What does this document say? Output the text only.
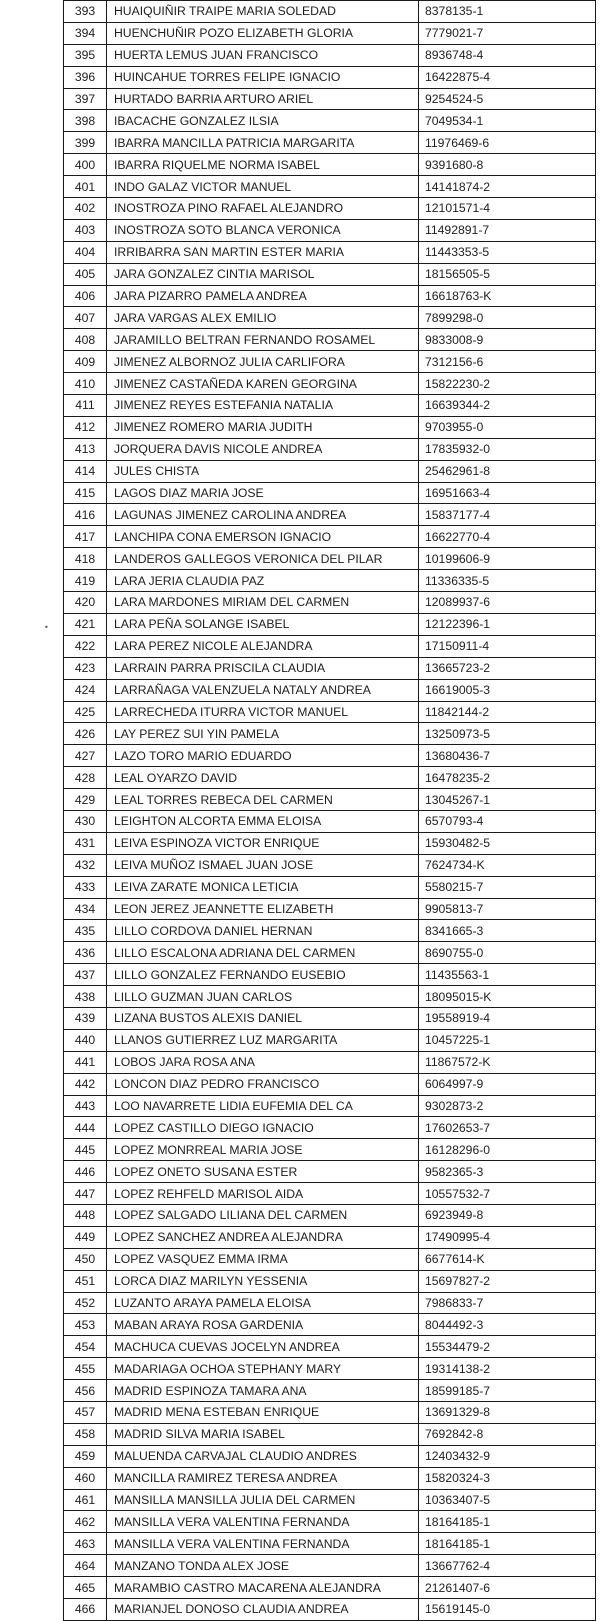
393	HUAIQUIÑIR TRAIPE MARIA SOLEDAD	8378135-1
394	HUENCHUÑIR POZO ELIZABETH GLORIA	7779021-7
395	HUERTA LEMUS JUAN FRANCISCO	8936748-4
396	HUINCAHUE TORRES FELIPE IGNACIO	16422875-4
397	HURTADO BARRIA ARTURO ARIEL	9254524-5
398	IBACACHE GONZALEZ ILSIA	7049534-1
399	IBARRA MANCILLA PATRICIA MARGARITA	11976469-6
400	IBARRA RIQUELME NORMA ISABEL	9391680-8
401	INDO GALAZ VICTOR MANUEL	14141874-2
402	INOSTROZA PINO RAFAEL ALEJANDRO	12101571-4
403	INOSTROZA SOTO BLANCA VERONICA	11492891-7
404	IRRIBARRA SAN MARTIN ESTER MARIA	11443353-5
405	JARA GONZALEZ CINTIA MARISOL	18156505-5
406	JARA PIZARRO PAMELA ANDREA	16618763-K
407	JARA VARGAS ALEX EMILIO	7899298-0
408	JARAMILLO BELTRAN FERNANDO ROSAMEL	9833008-9
409	JIMENEZ ALBORNOZ JULIA CARLIFORA	7312156-6
410	JIMENEZ CASTAÑEDA KAREN GEORGINA	15822230-2
411	JIMENEZ REYES ESTEFANIA NATALIA	16639344-2
412	JIMENEZ ROMERO MARIA JUDITH	9703955-0
413	JORQUERA DAVIS NICOLE ANDREA	17835932-0
414	JULES CHISTA	25462961-8
415	LAGOS DIAZ MARIA JOSE	16951663-4
416	LAGUNAS JIMENEZ CAROLINA ANDREA	15837177-4
417	LANCHIPA CONA EMERSON IGNACIO	16622770-4
418	LANDEROS GALLEGOS VERONICA DEL PILAR	10199606-9
419	LARA JERIA CLAUDIA PAZ	11336335-5
420	LARA MARDONES MIRIAM DEL CARMEN	12089937-6
421	LARA PEÑA SOLANGE ISABEL	12122396-1
422	LARA PEREZ NICOLE ALEJANDRA	17150911-4
423	LARRAIN PARRA PRISCILA CLAUDIA	13665723-2
424	LARRAÑAGA VALENZUELA NATALY ANDREA	16619005-3
425	LARRECHEDA ITURRA VICTOR MANUEL	11842144-2
426	LAY PEREZ SUI YIN PAMELA	13250973-5
427	LAZO TORO MARIO EDUARDO	13680436-7
428	LEAL OYARZO DAVID	16478235-2
429	LEAL TORRES REBECA DEL CARMEN	13045267-1
430	LEIGHTON ALCORTA EMMA ELOISA	6570793-4
431	LEIVA ESPINOZA VICTOR ENRIQUE	15930482-5
432	LEIVA MUÑOZ ISMAEL JUAN JOSE	7624734-K
433	LEIVA ZARATE MONICA LETICIA	5580215-7
434	LEON JEREZ JEANNETTE ELIZABETH	9905813-7
435	LILLO CORDOVA DANIEL HERNAN	8341665-3
436	LILLO ESCALONA ADRIANA DEL CARMEN	8690755-0
437	LILLO GONZALEZ FERNANDO EUSEBIO	11435563-1
438	LILLO GUZMAN JUAN CARLOS	18095015-K
439	LIZANA BUSTOS ALEXIS DANIEL	19558919-4
440	LLANOS GUTIERREZ LUZ MARGARITA	10457225-1
441	LOBOS JARA ROSA ANA	11867572-K
442	LONCON DIAZ PEDRO FRANCISCO	6064997-9
443	LOO NAVARRETE LIDIA EUFEMIA DEL CA	9302873-2
444	LOPEZ CASTILLO DIEGO IGNACIO	17602653-7
445	LOPEZ MONRREAL MARIA JOSE	16128296-0
446	LOPEZ ONETO SUSANA ESTER	9582365-3
447	LOPEZ REHFELD MARISOL AIDA	10557532-7
448	LOPEZ SALGADO LILIANA DEL CARMEN	6923949-8
449	LOPEZ SANCHEZ ANDREA ALEJANDRA	17490995-4
450	LOPEZ VASQUEZ EMMA IRMA	6677614-K
451	LORCA DIAZ MARILYN YESSENIA	15697827-2
452	LUZANTO ARAYA PAMELA ELOISA	7986833-7
453	MABAN ARAYA ROSA GARDENIA	8044492-3
454	MACHUCA CUEVAS JOCELYN ANDREA	15534479-2
455	MADARIAGA OCHOA STEPHANY MARY	19314138-2
456	MADRID ESPINOZA TAMARA ANA	18599185-7
457	MADRID MENA ESTEBAN ENRIQUE	13691329-8
458	MADRID SILVA MARIA ISABEL	7692842-8
459	MALUENDA CARVAJAL CLAUDIO ANDRES	12403432-9
460	MANCILLA RAMIREZ TERESA ANDREA	15820324-3
461	MANSILLA MANSILLA JULIA DEL CARMEN	10363407-5
462	MANSILLA VERA VALENTINA FERNANDA	18164185-1
463	MANSILLA VERA VALENTINA FERNANDA	18164185-1
464	MANZANO TONDA ALEX JOSE	13667762-4
465	MARAMBIO CASTRO MACARENA ALEJANDRA	21261407-6
466	MARIANJEL DONOSO CLAUDIA ANDREA	15619145-0
•
